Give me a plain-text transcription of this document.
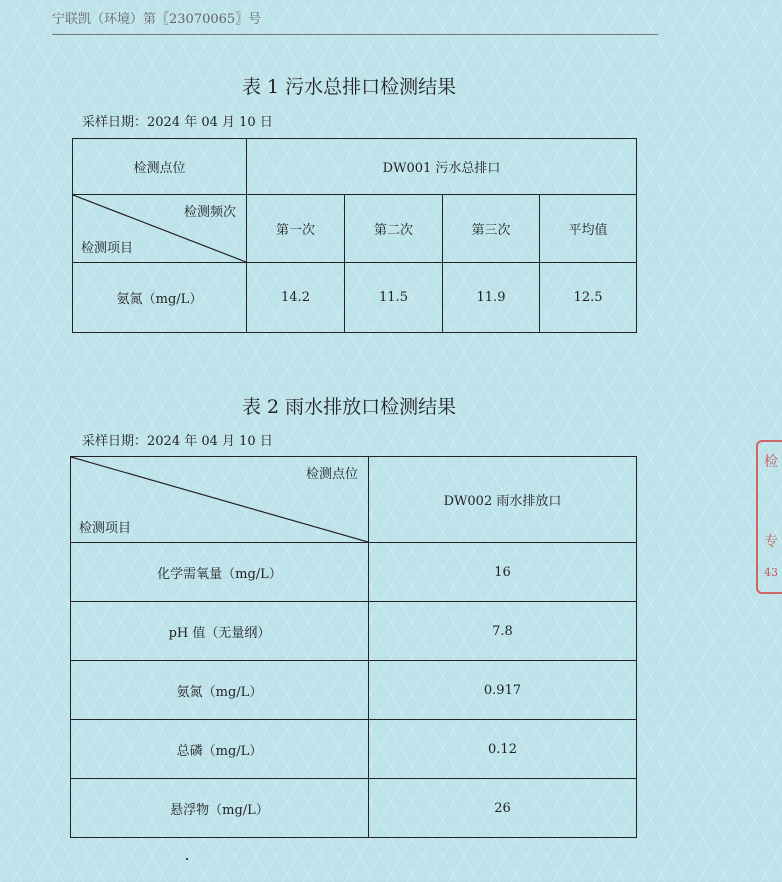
宁联凯（环境）第〖23070065〗号
表 1 污水总排口检测结果
采样日期：2024 年 04 月 10 日
检测点位	DW001 污水总排口			

检测频次
检测项目	第一次	第二次	第三次	平均值
氨氮（mg/L）	14.2	11.5	11.9	12.5
表 2 雨水排放口检测结果
采样日期：2024 年 04 月 10 日
检测点位
检测项目	DW002 雨水排放口
化学需氧量（mg/L）	16
pH 值（无量纲）	7.8
氨氮（mg/L）	0.917
总磷（mg/L）	0.12
悬浮物（mg/L）	26
检
专
43
